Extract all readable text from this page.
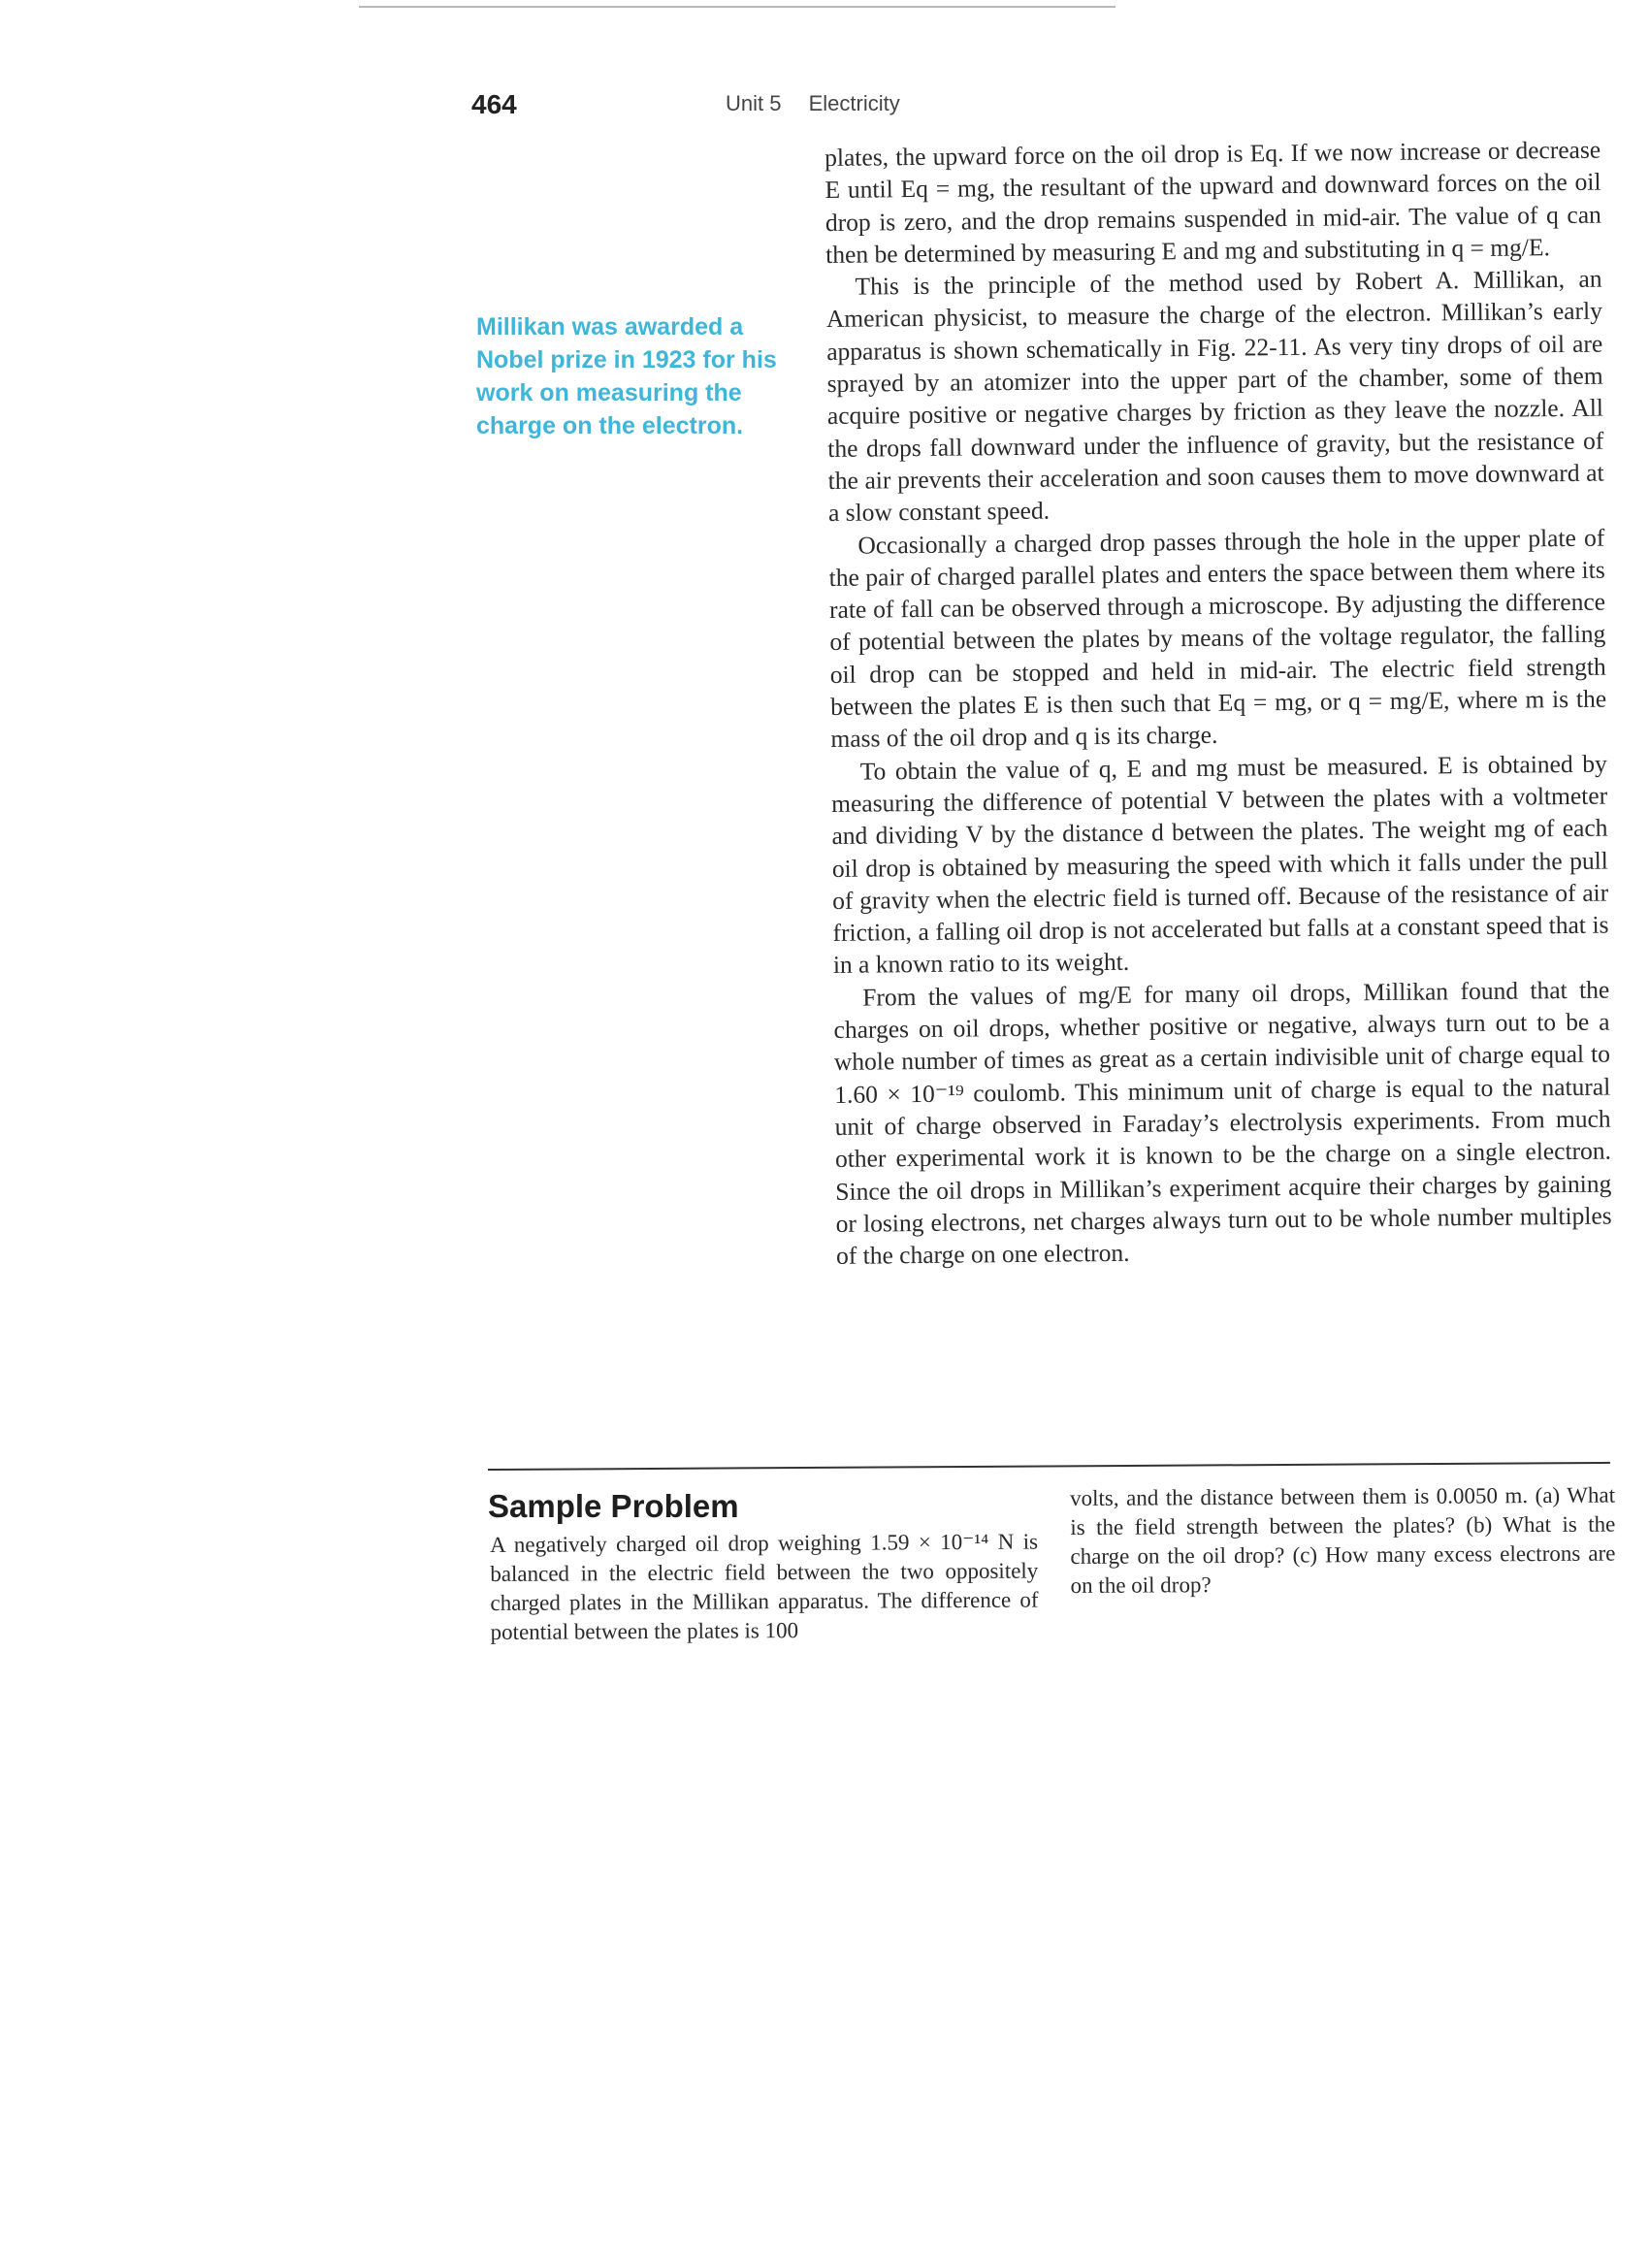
464	Unit 5 Electricity
Millikan was awarded a Nobel prize in 1923 for his work on measuring the charge on the electron.

plates, the upward force on the oil drop is Eq. If we now increase or decrease E until Eq = mg, the resultant of the upward and downward forces on the oil drop is zero, and the drop remains suspended in mid-air. The value of q can then be determined by measuring E and mg and substituting in q = mg/E.

This is the principle of the method used by Robert A. Millikan, an American physicist, to measure the charge of the electron. Millikan’s early apparatus is shown schematically in Fig. 22-11. As very tiny drops of oil are sprayed by an atomizer into the upper part of the chamber, some of them acquire positive or negative charges by friction as they leave the nozzle. All the drops fall downward under the influence of gravity, but the resistance of the air prevents their acceleration and soon causes them to move downward at a slow constant speed.

Occasionally a charged drop passes through the hole in the upper plate of the pair of charged parallel plates and enters the space between them where its rate of fall can be observed through a microscope. By adjusting the difference of potential between the plates by means of the voltage regulator, the falling oil drop can be stopped and held in mid-air. The electric field strength between the plates E is then such that Eq = mg, or q = mg/E, where m is the mass of the oil drop and q is its charge.

To obtain the value of q, E and mg must be measured. E is obtained by measuring the difference of potential V between the plates with a voltmeter and dividing V by the distance d between the plates. The weight mg of each oil drop is obtained by measuring the speed with which it falls under the pull of gravity when the electric field is turned off. Because of the resistance of air friction, a falling oil drop is not accelerated but falls at a constant speed that is in a known ratio to its weight.

From the values of mg/E for many oil drops, Millikan found that the charges on oil drops, whether positive or negative, always turn out to be a whole number of times as great as a certain indivisible unit of charge equal to 1.60 × 10⁻¹⁹ coulomb. This minimum unit of charge is equal to the natural unit of charge observed in Faraday’s electrolysis experiments. From much other experimental work it is known to be the charge on a single electron. Since the oil drops in Millikan’s experiment acquire their charges by gaining or losing electrons, net charges always turn out to be whole number multiples of the charge on one electron.

Sample Problem

A negatively charged oil drop weighing 1.59 × 10⁻¹⁴ N is balanced in the electric field between the two oppositely charged plates in the Millikan apparatus. The difference of potential between the plates is 100

volts, and the distance between them is 0.0050 m. (a) What is the field strength between the plates? (b) What is the charge on the oil drop? (c) How many excess electrons are on the oil drop?
